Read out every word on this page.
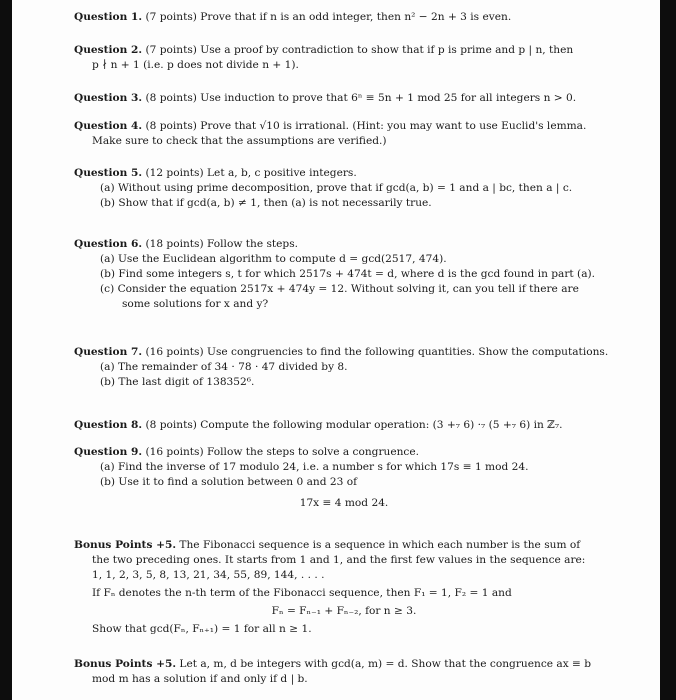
Question 1. (7 points) Prove that if n is an odd integer, then n² − 2n + 3 is even.
Question 2. (7 points) Use a proof by contradiction to show that if p is prime and p | n, then
p ∤ n + 1 (i.e. p does not divide n + 1).
Question 3. (8 points) Use induction to prove that 6ⁿ ≡ 5n + 1 mod 25 for all integers n > 0.
Question 4. (8 points) Prove that √10 is irrational. (Hint: you may want to use Euclid's lemma.
Make sure to check that the assumptions are verified.)
Question 5. (12 points) Let a, b, c positive integers.
(a) Without using prime decomposition, prove that if gcd(a, b) = 1 and a | bc, then a | c.
(b) Show that if gcd(a, b) ≠ 1, then (a) is not necessarily true.
Question 6. (18 points) Follow the steps.
(a) Use the Euclidean algorithm to compute d = gcd(2517, 474).
(b) Find some integers s, t for which 2517s + 474t = d, where d is the gcd found in part (a).
(c) Consider the equation 2517x + 474y = 12. Without solving it, can you tell if there are
some solutions for x and y?
Question 7. (16 points) Use congruencies to find the following quantities. Show the computations.
(a) The remainder of 34 · 78 · 47 divided by 8.
(b) The last digit of 138352⁶.
Question 8. (8 points) Compute the following modular operation: (3 +₇ 6) ·₇ (5 +₇ 6) in ℤ₇.
Question 9. (16 points) Follow the steps to solve a congruence.
(a) Find the inverse of 17 modulo 24, i.e. a number s for which 17s ≡ 1 mod 24.
(b) Use it to find a solution between 0 and 23 of
17x ≡ 4 mod 24.
Bonus Points +5. The Fibonacci sequence is a sequence in which each number is the sum of
the two preceding ones. It starts from 1 and 1, and the first few values in the sequence are:
1, 1, 2, 3, 5, 8, 13, 21, 34, 55, 89, 144, . . . .
If Fₙ denotes the n-th term of the Fibonacci sequence, then F₁ = 1, F₂ = 1 and
Fₙ = Fₙ₋₁ + Fₙ₋₂, for n ≥ 3.
Show that gcd(Fₙ, Fₙ₊₁) = 1 for all n ≥ 1.
Bonus Points +5. Let a, m, d be integers with gcd(a, m) = d. Show that the congruence ax ≡ b
mod m has a solution if and only if d | b.
